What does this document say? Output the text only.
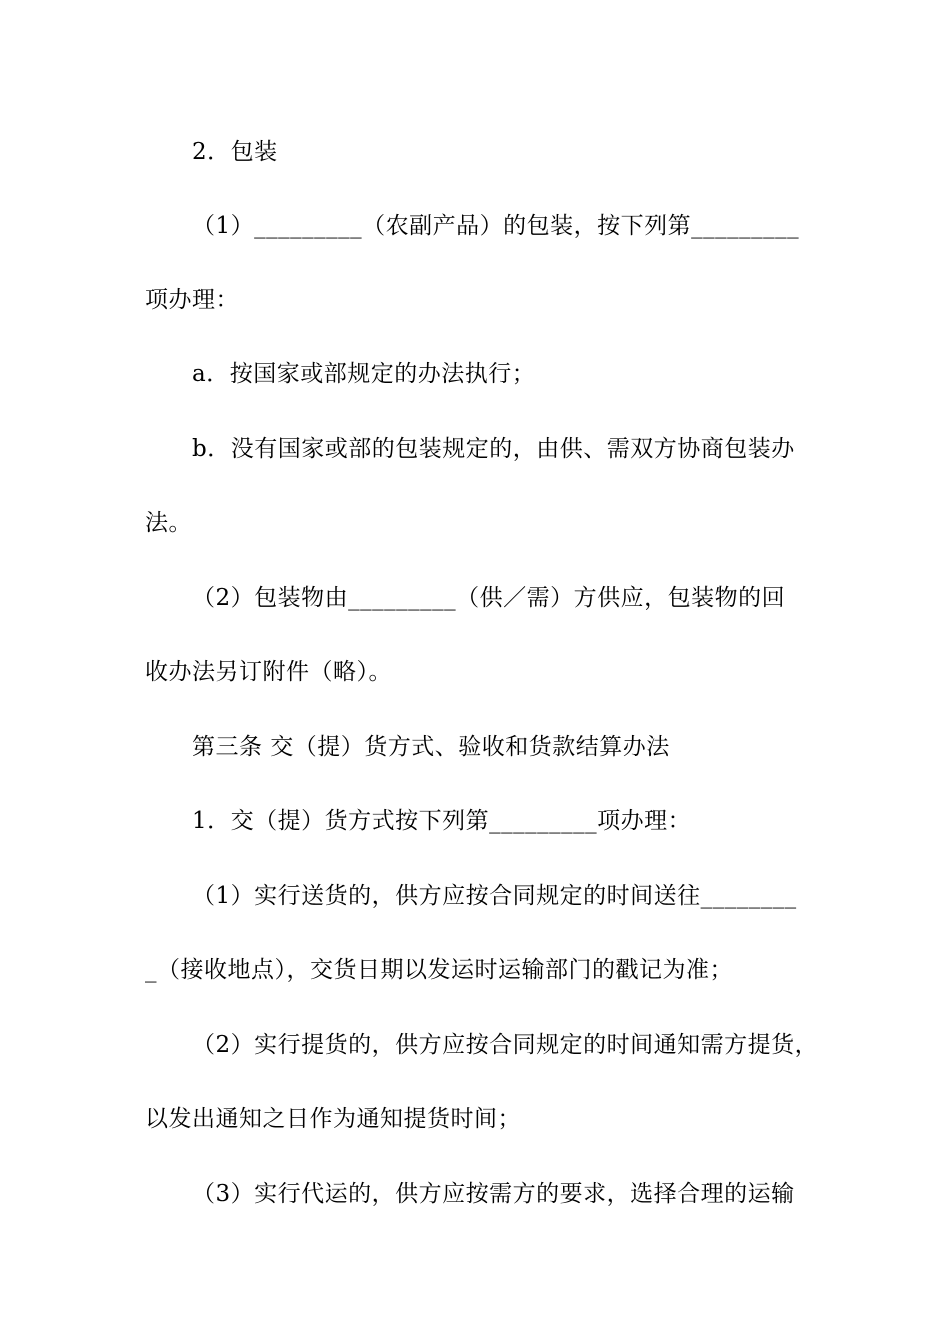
2．包装
（1）_________（农副产品）的包装，按下列第_________
项办理：
a．按国家或部规定的办法执行；
b．没有国家或部的包装规定的，由供、需双方协商包装办
法。
（2）包装物由_________（供／需）方供应，包装物的回
收办法另订附件（略）。
第三条 交（提）货方式、验收和货款结算办法
1．交（提）货方式按下列第_________项办理：
（1）实行送货的，供方应按合同规定的时间送往________
_（接收地点），交货日期以发运时运输部门的戳记为准；
（2）实行提货的，供方应按合同规定的时间通知需方提货，
以发出通知之日作为通知提货时间；
（3）实行代运的，供方应按需方的要求，选择合理的运输
